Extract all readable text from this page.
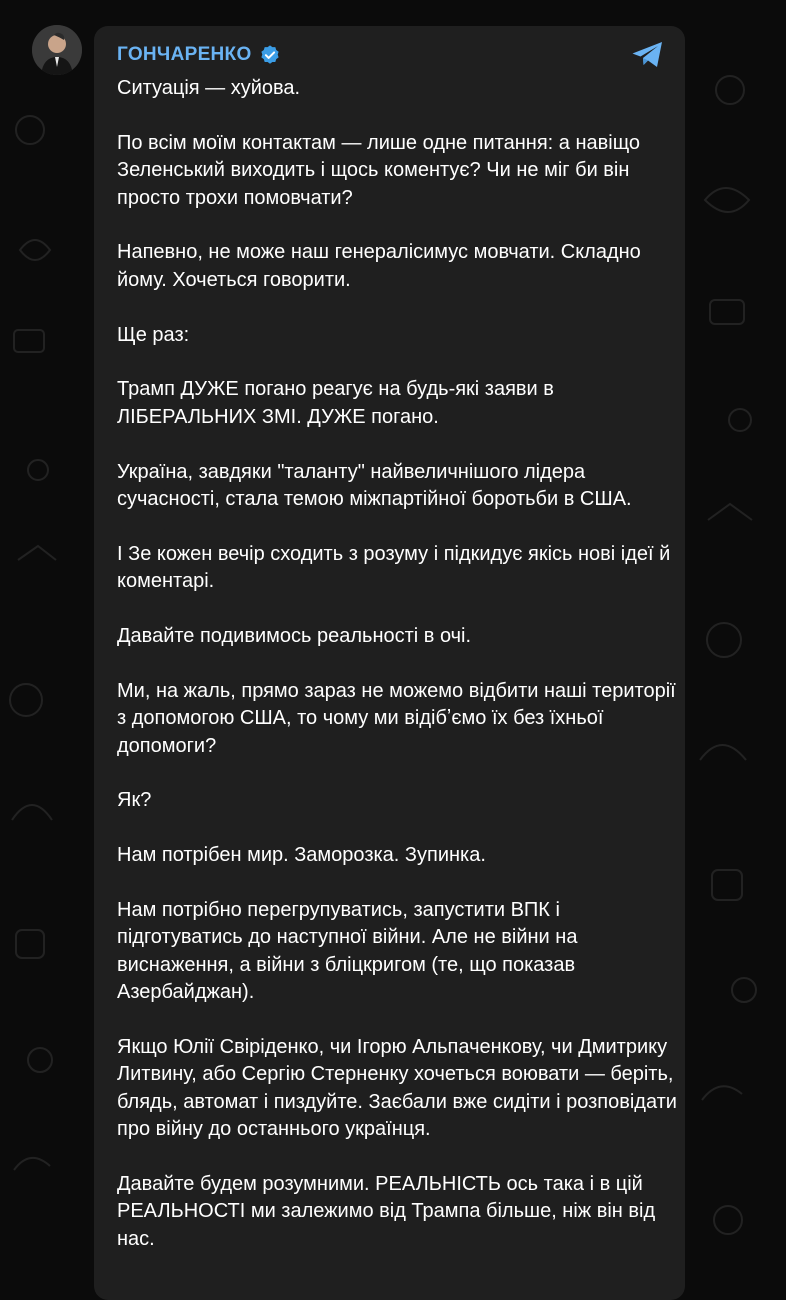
ГОНЧАРЕНКО

Ситуація — хуйова.

По всім моїм контактам — лише одне питання: а навіщо Зеленський виходить і щось коментує? Чи не міг би він просто трохи помовчати?

Напевно, не може наш генералісимус мовчати. Складно йому. Хочеться говорити.

Ще раз:

Трамп ДУЖЕ погано реагує на будь-які заяви в ЛІБЕРАЛЬНИХ ЗМІ. ДУЖЕ погано.

Україна, завдяки "таланту" найвеличнішого лідера сучасності, стала темою міжпартійної боротьби в США.

І Зе кожен вечір сходить з розуму і підкидує якісь нові ідеї й коментарі.

Давайте подивимось реальності в очі.

Ми, на жаль, прямо зараз не можемо відбити наші території з допомогою США, то чому ми відібʼємо їх без їхньої допомоги?

Як?

Нам потрібен мир. Заморозка. Зупинка.

Нам потрібно перегрупуватись, запустити ВПК і підготуватись до наступної війни. Але не війни на виснаження, а війни з бліцкригом (те, що показав Азербайджан).

Якщо Юлії Свіріденко, чи Ігорю Альпаченкову, чи Дмитрику Литвину, або Сергію Стерненку хочеться воювати — беріть, блядь, автомат і пиздуйте. Заєбали вже сидіти і розповідати про війну до останнього українця.

Давайте будем розумними. РЕАЛЬНІСТЬ ось така і в цій РЕАЛЬНОСТІ ми залежимо від Трампа більше, ніж він від нас.
